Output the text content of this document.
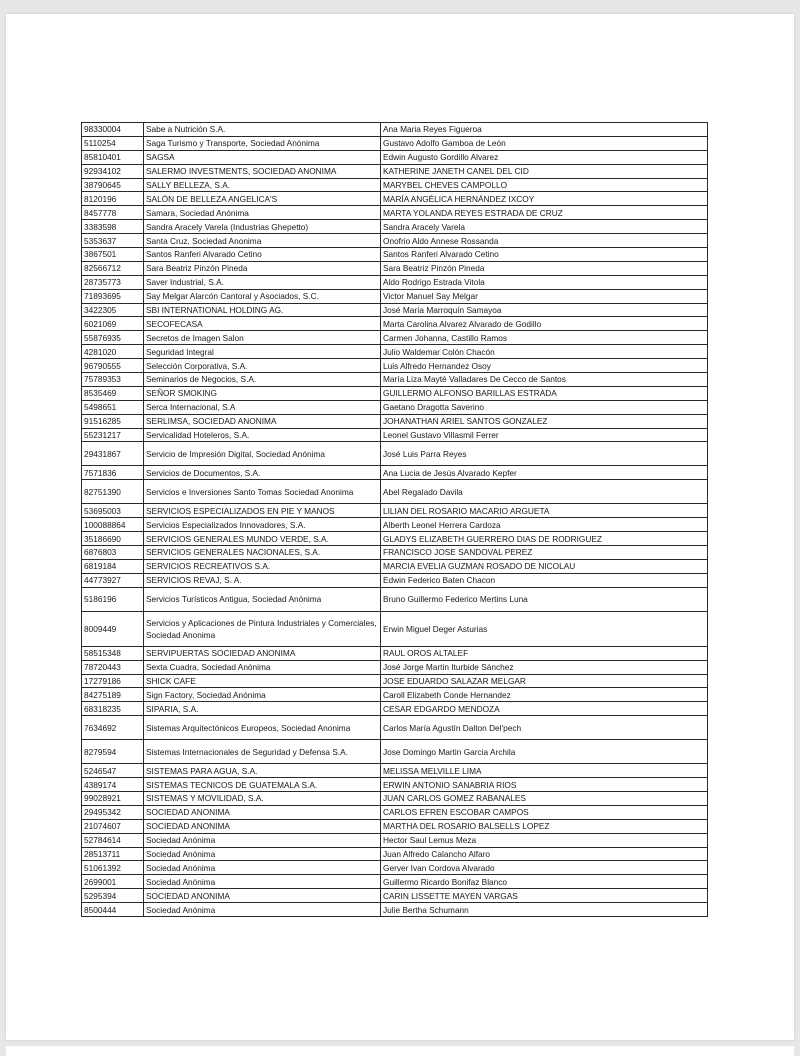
98330004	Sabe a Nutrición S.A.	Ana Maria Reyes Figueroa
5110254	Saga Turismo y Transporte, Sociedad Anónima	Gustavo Adolfo Gamboa de León
85810401	SAGSA	Edwin Augusto Gordillo Alvarez
92934102	SALERMO INVESTMENTS, SOCIEDAD ANONIMA	KATHERINE JANETH CANEL DEL CID
38790645	SALLY BELLEZA, S.A.	MARYBEL CHEVES CAMPOLLO
8120196	SALÓN DE BELLEZA ANGELICA'S	MARÍA ANGÉLICA HERNÁNDEZ IXCOY
8457778	Samara, Sociedad Anónima	MARTA YOLANDA REYES ESTRADA DE CRUZ
3383598	Sandra Aracely Varela (Industrias Ghepetto)	Sandra Aracely Varela
5353637	Santa Cruz, Sociedad Anonima	Onofrio Aldo Annese Rossanda
3867501	Santos Ranferi Alvarado Cetino	Santos Ranferi Alvarado Cetino
82566712	Sara Beatriz Pinzón Pineda	Sara Beatriz Pinzón Pineda
28735773	Saver Industrial, S.A.	Aldo Rodrigo Estrada Vitola
71893695	Say Melgar Alarcón Cantoral y Asociados, S.C.	Victor Manuel Say Melgar
3422305	SBI INTERNATIONAL HOLDING AG.	José María Marroquín Samayoa
6021069	SECOFECASA	Marta Carolina Alvarez Alvarado de Godillo
55876935	Secretos de Imagen Salon	Carmen Johanna, Castillo Ramos
4281020	Seguridad Integral	Julio Waldemar Colón Chacón
96790555	Selección Corporativa, S.A.	Luis Alfredo Hernandez Osoy
75789353	Seminarios de Negocios, S.A.	María Liza Mayté Valladares De Cecco de Santos
8535469	SEÑOR SMOKING	GUILLERMO ALFONSO BARILLAS ESTRADA
5498651	Serca Internacional, S.A	Gaetano Dragotta Saverino
91516285	SERLIMSA, SOCIEDAD ANONIMA	JOHANATHAN ARIEL SANTOS GONZALEZ
55231217	Servicalidad Hoteleros, S.A.	Leonel Gustavo Villasmil Ferrer
29431867	Servicio de Impresión Digital, Sociedad Anónima	José Luis Parra Reyes
7571836	Servicios de Documentos, S.A.	Ana Lucia de Jesús Alvarado Kepfer
82751390	Servicios e Inversiones Santo Tomas Sociedad Anonima	Abel Regalado Davila
53695003	SERVICIOS ESPECIALIZADOS EN PIE Y MANOS	LILIAN DEL ROSARIO MACARIO ARGUETA
100088864	Servicios Especializados Innovadores, S.A.	Alberth Leonel Herrera Cardoza
35186690	SERVICIOS GENERALES MUNDO VERDE, S.A.	GLADYS ELIZABETH GUERRERO DIAS DE RODRIGUEZ
6876803	SERVICIOS GENERALES NACIONALES, S.A.	FRANCISCO JOSE SANDOVAL PEREZ
6819184	SERVICIOS RECREATIVOS S.A.	MARCIA EVELIA GUZMAN ROSADO DE NICOLAU
44773927	SERVICIOS REVAJ, S. A.	Edwin Federico Baten Chacon
5186196	Servicios Turísticos Antigua, Sociedad Anónima	Bruno Guillermo Federico Mertins Luna
8009449	Servicios y Aplicaciones de Pintura Industriales y Comerciales, Sociedad Anonima	Erwin Miguel Deger Asturias
58515348	SERVIPUERTAS SOCIEDAD ANONIMA	RAUL OROS ALTALEF
78720443	Sexta Cuadra, Sociedad Anónima	José Jorge Martin Iturbide Sánchez
17279186	SHICK CAFE	JOSE EDUARDO SALAZAR MELGAR
84275189	Sign Factory, Sociedad Anónima	Caroll Elizabeth Conde Hernandez
68318235	SIPARIA, S.A.	CESAR EDGARDO MENDOZA
7634692	Sistemas Arquitectónicos Europeos, Sociedad Anonima	Carlos María Agustín Dalton Del'pech
8279594	Sistemas Internacionales de Seguridad y Defensa S.A.	Jose Domingo Martin Garcia Archila
5246547	SISTEMAS PARA AGUA, S.A.	MELISSA MELVILLE LIMA
4389174	SISTEMAS TECNICOS DE GUATEMALA S.A.	ERWIN ANTONIO SANABRIA RIOS
99028921	SISTEMAS Y MOVILIDAD, S.A.	JUAN CARLOS GOMEZ RABANALES
29495342	SOCIEDAD ANONIMA	CARLOS EFREN ESCOBAR CAMPOS
21074607	SOCIEDAD ANONIMA	MARTHA DEL ROSARIO BALSELLS LOPEZ
52784614	Sociedad Anónima	Hector Saul Lemus Meza
28513711	Sociedad Anónima	Juan Alfredo Calancho Alfaro
51061392	Sociedad Anónima	Gerver Ivan Cordova Alvarado
2699001	Sociedad Anónima	Guillermo Ricardo Bonifaz Blanco
5295394	SOCIEDAD ANONIMA	CARIN LISSETTE MAYEN VARGAS
8500444	Sociedad Anónima	Julie Bertha Schumann
